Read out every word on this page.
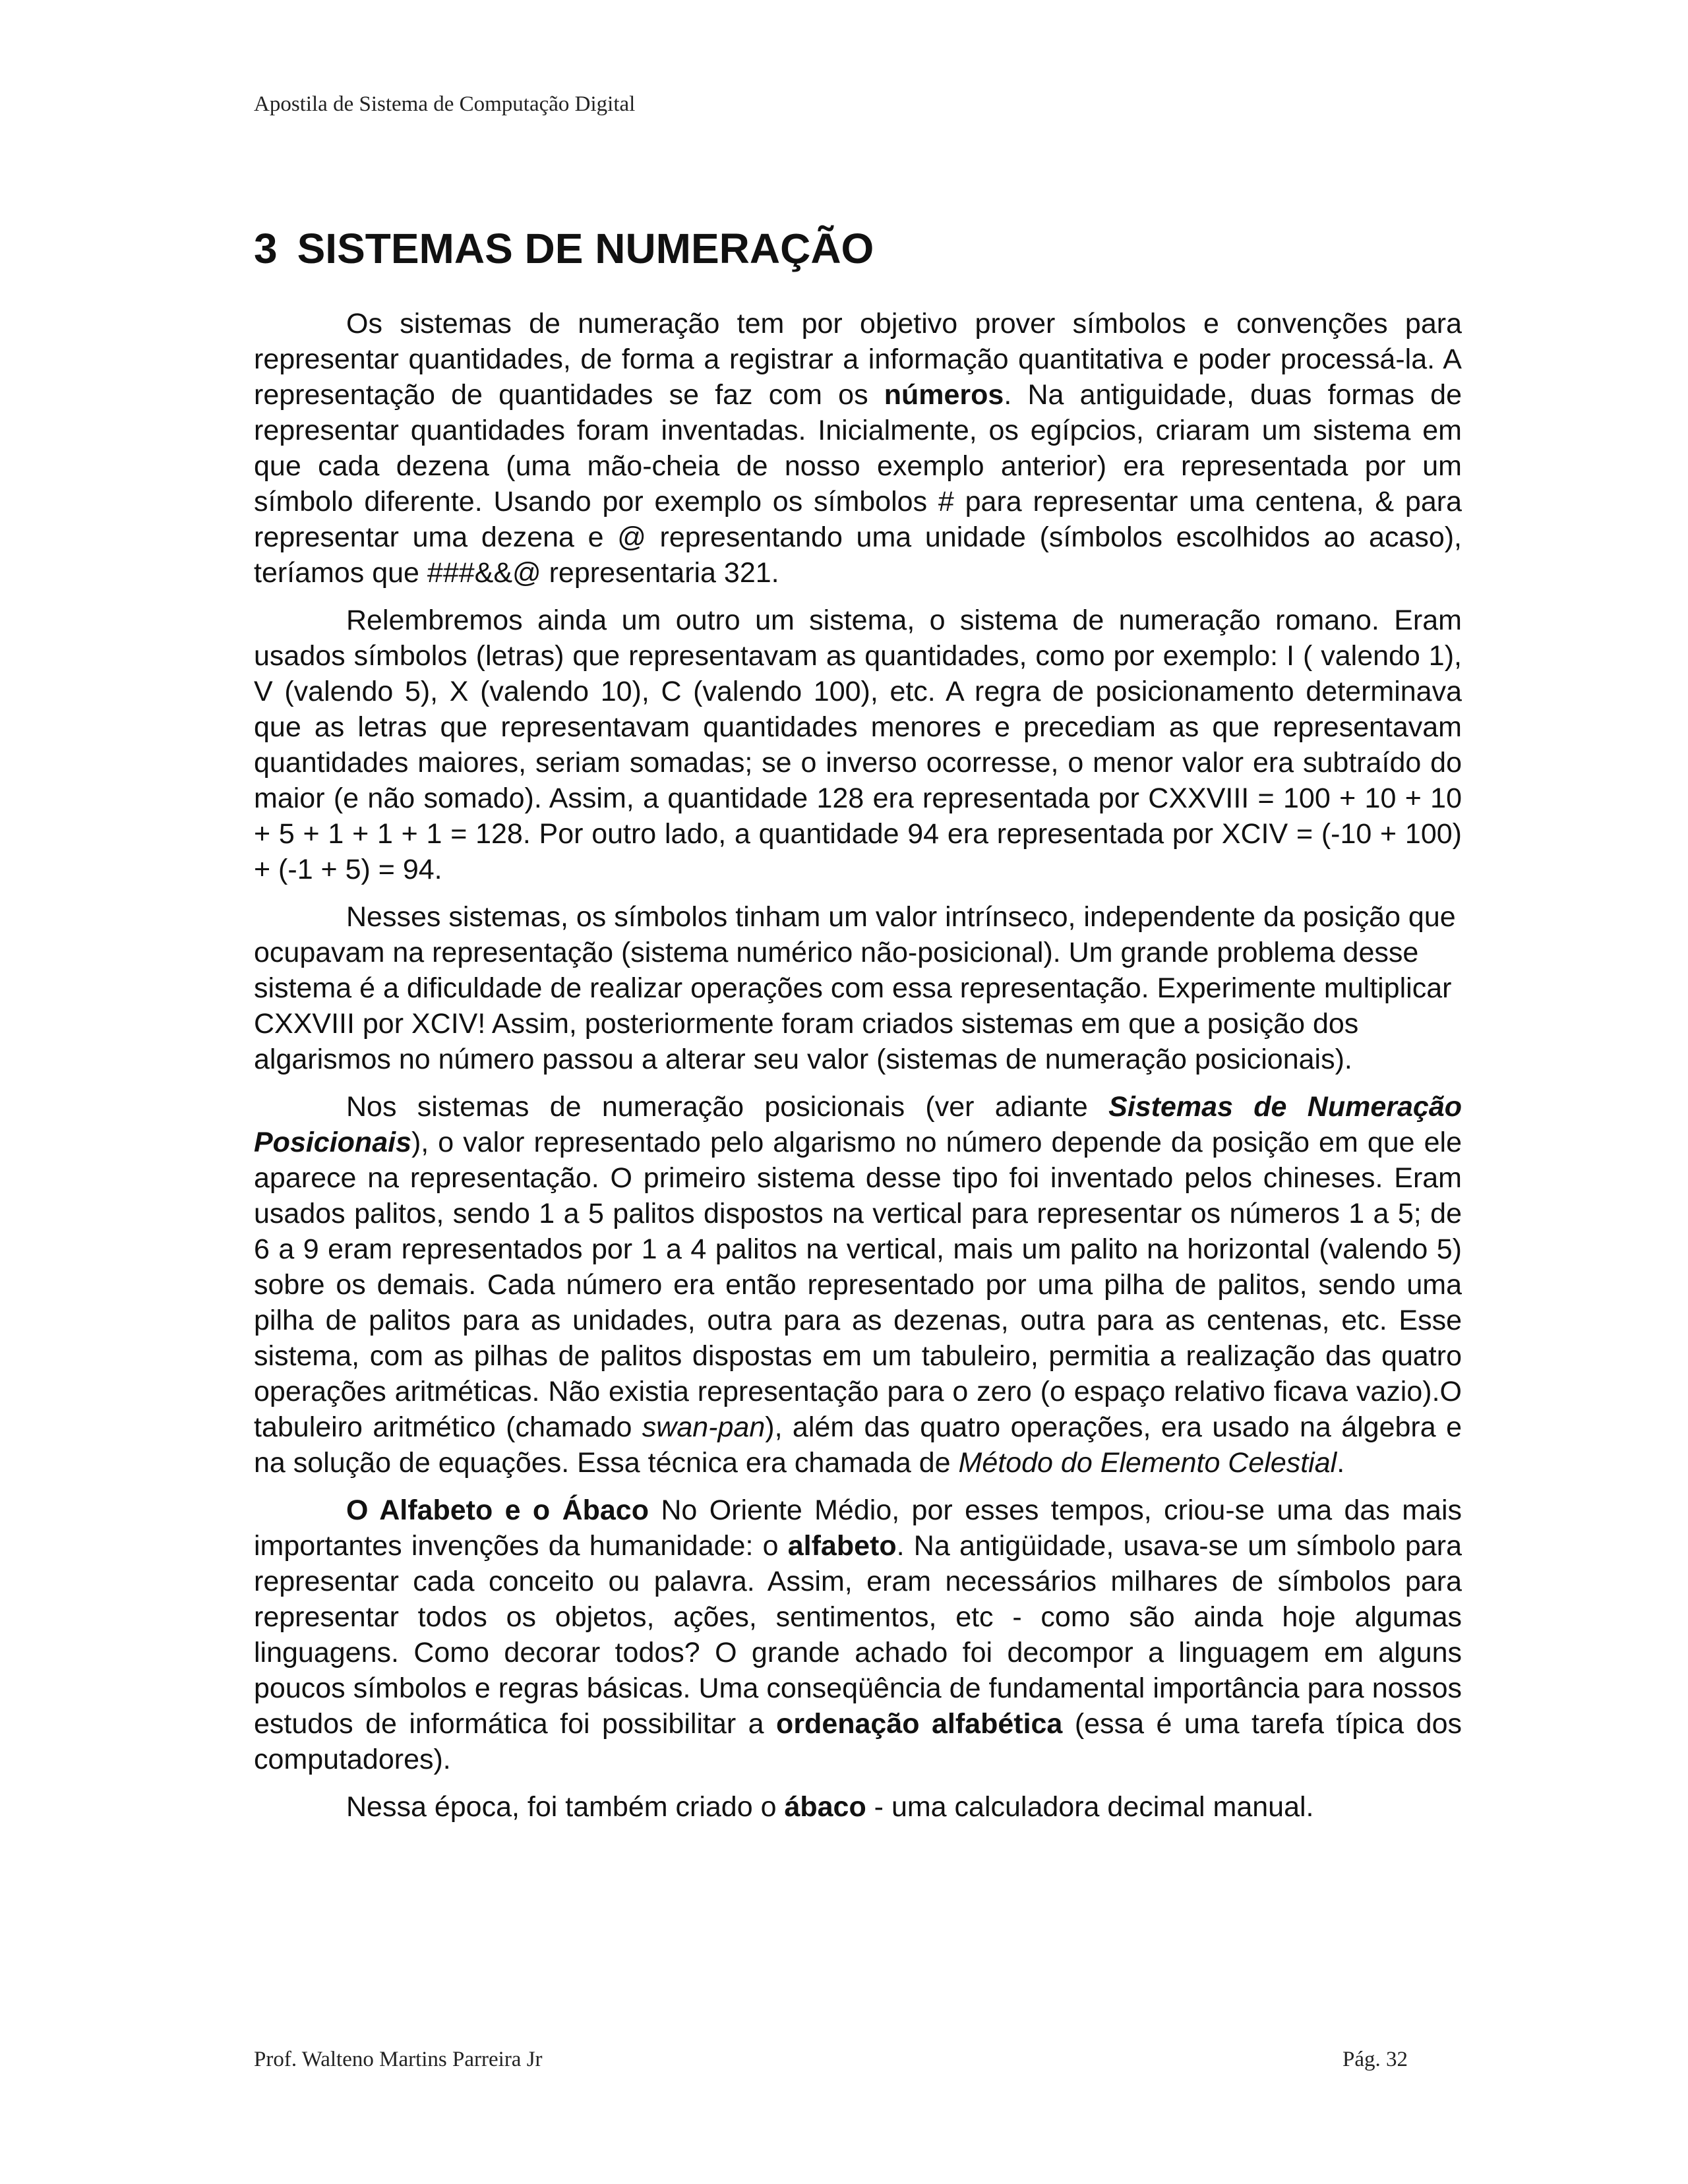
Apostila de Sistema de Computação Digital
3 SISTEMAS DE NUMERAÇÃO

Os sistemas de numeração tem por objetivo prover símbolos e convenções para representar quantidades, de forma a registrar a informação quantitativa e poder processá-la. A representação de quantidades se faz com os números. Na antiguidade, duas formas de representar quantidades foram inventadas. Inicialmente, os egípcios, criaram um sistema em que cada dezena (uma mão-cheia de nosso exemplo anterior) era representada por um símbolo diferente. Usando por exemplo os símbolos # para representar uma centena, & para representar uma dezena e @ representando uma unidade (símbolos escolhidos ao acaso), teríamos que ###&&@ representaria 321.

Relembremos ainda um outro um sistema, o sistema de numeração romano. Eram usados símbolos (letras) que representavam as quantidades, como por exemplo: I ( valendo 1), V (valendo 5), X (valendo 10), C (valendo 100), etc. A regra de posicionamento determinava que as letras que representavam quantidades menores e precediam as que representavam quantidades maiores, seriam somadas; se o inverso ocorresse, o menor valor era subtraído do maior (e não somado). Assim, a quantidade 128 era representada por CXXVIII = 100 + 10 + 10 + 5 + 1 + 1 + 1 = 128. Por outro lado, a quantidade 94 era representada por XCIV = (-10 + 100) + (-1 + 5) = 94.

Nesses sistemas, os símbolos tinham um valor intrínseco, independente da posição que ocupavam na representação (sistema numérico não-posicional). Um grande problema desse sistema é a dificuldade de realizar operações com essa representação. Experimente multiplicar CXXVIII por XCIV! Assim, posteriormente foram criados sistemas em que a posição dos algarismos no número passou a alterar seu valor (sistemas de numeração posicionais).

Nos sistemas de numeração posicionais (ver adiante Sistemas de Numeração Posicionais), o valor representado pelo algarismo no número depende da posição em que ele aparece na representação. O primeiro sistema desse tipo foi inventado pelos chineses. Eram usados palitos, sendo 1 a 5 palitos dispostos na vertical para representar os números 1 a 5; de 6 a 9 eram representados por 1 a 4 palitos na vertical, mais um palito na horizontal (valendo 5) sobre os demais. Cada número era então representado por uma pilha de palitos, sendo uma pilha de palitos para as unidades, outra para as dezenas, outra para as centenas, etc. Esse sistema, com as pilhas de palitos dispostas em um tabuleiro, permitia a realização das quatro operações aritméticas. Não existia representação para o zero (o espaço relativo ficava vazio).O tabuleiro aritmético (chamado swan-pan), além das quatro operações, era usado na álgebra e na solução de equações. Essa técnica era chamada de Método do Elemento Celestial.

O Alfabeto e o Ábaco No Oriente Médio, por esses tempos, criou-se uma das mais importantes invenções da humanidade: o alfabeto. Na antigüidade, usava-se um símbolo para representar cada conceito ou palavra. Assim, eram necessários milhares de símbolos para representar todos os objetos, ações, sentimentos, etc - como são ainda hoje algumas linguagens. Como decorar todos? O grande achado foi decompor a linguagem em alguns poucos símbolos e regras básicas. Uma conseqüência de fundamental importância para nossos estudos de informática foi possibilitar a ordenação alfabética (essa é uma tarefa típica dos computadores).

Nessa época, foi também criado o ábaco - uma calculadora decimal manual.

Prof. Walteno Martins Parreira Jr	Pág. 32
